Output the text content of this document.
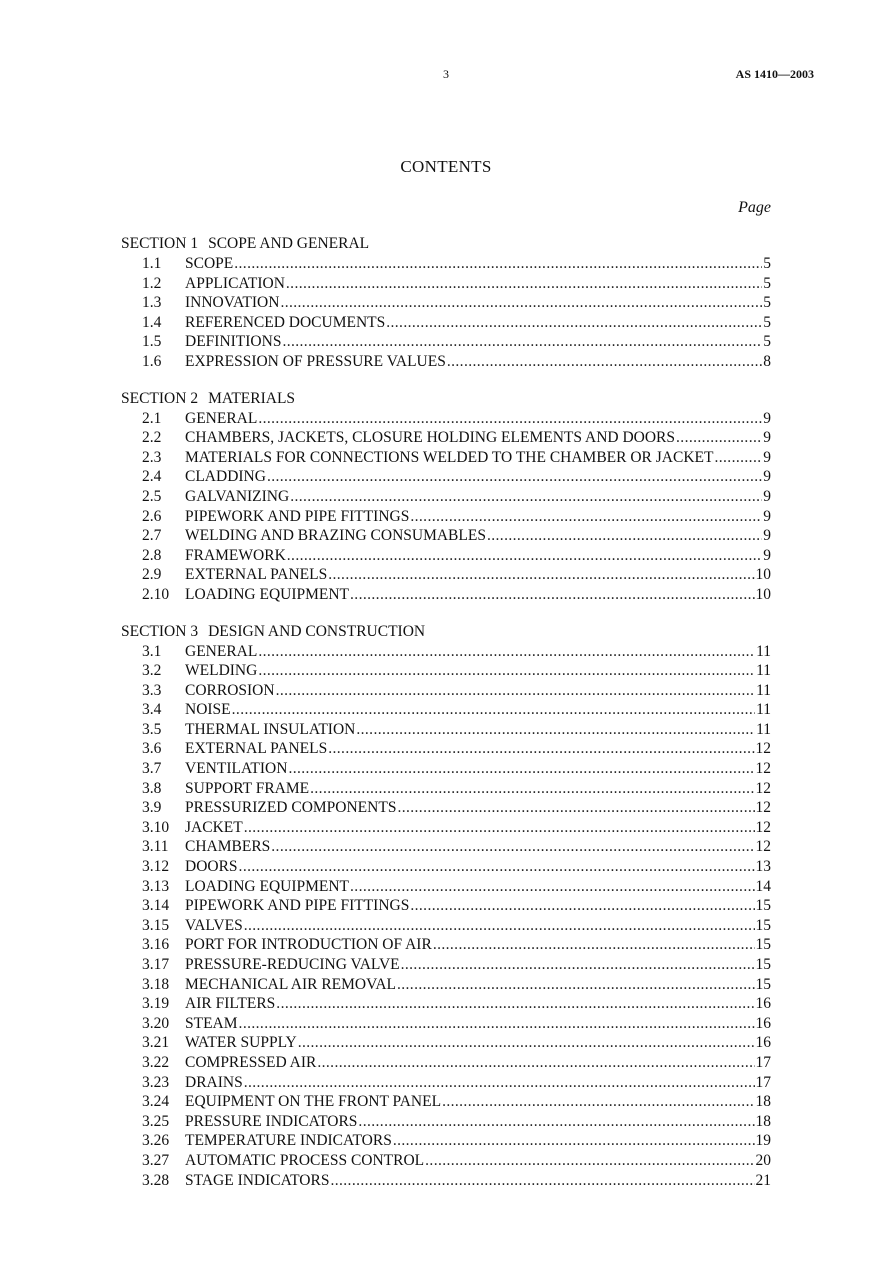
3	AS 1410—2003
CONTENTS
Page
SECTION 1 SCOPE AND GENERAL
1.1	SCOPE .....	5
1.2	APPLICATION .....	5
1.3	INNOVATION .....	5
1.4	REFERENCED DOCUMENTS .....	5
1.5	DEFINITIONS .....	5
1.6	EXPRESSION OF PRESSURE VALUES .....	8
SECTION 2 MATERIALS
2.1	GENERAL .....	9
2.2	CHAMBERS, JACKETS, CLOSURE HOLDING ELEMENTS AND DOORS .....	9
2.3	MATERIALS FOR CONNECTIONS WELDED TO THE CHAMBER OR JACKET .....	9
2.4	CLADDING .....	9
2.5	GALVANIZING .....	9
2.6	PIPEWORK AND PIPE FITTINGS .....	9
2.7	WELDING AND BRAZING CONSUMABLES .....	9
2.8	FRAMEWORK .....	9
2.9	EXTERNAL PANELS .....	10
2.10	LOADING EQUIPMENT .....	10
SECTION 3 DESIGN AND CONSTRUCTION
3.1	GENERAL .....	11
3.2	WELDING .....	11
3.3	CORROSION .....	11
3.4	NOISE .....	11
3.5	THERMAL INSULATION .....	11
3.6	EXTERNAL PANELS .....	12
3.7	VENTILATION .....	12
3.8	SUPPORT FRAME .....	12
3.9	PRESSURIZED COMPONENTS .....	12
3.10	JACKET .....	12
3.11	CHAMBERS .....	12
3.12	DOORS .....	13
3.13	LOADING EQUIPMENT .....	14
3.14	PIPEWORK AND PIPE FITTINGS .....	15
3.15	VALVES .....	15
3.16	PORT FOR INTRODUCTION OF AIR .....	15
3.17	PRESSURE-REDUCING VALVE .....	15
3.18	MECHANICAL AIR REMOVAL .....	15
3.19	AIR FILTERS .....	16
3.20	STEAM .....	16
3.21	WATER SUPPLY .....	16
3.22	COMPRESSED AIR .....	17
3.23	DRAINS .....	17
3.24	EQUIPMENT ON THE FRONT PANEL .....	18
3.25	PRESSURE INDICATORS .....	18
3.26	TEMPERATURE INDICATORS .....	19
3.27	AUTOMATIC PROCESS CONTROL .....	20
3.28	STAGE INDICATORS .....	21
